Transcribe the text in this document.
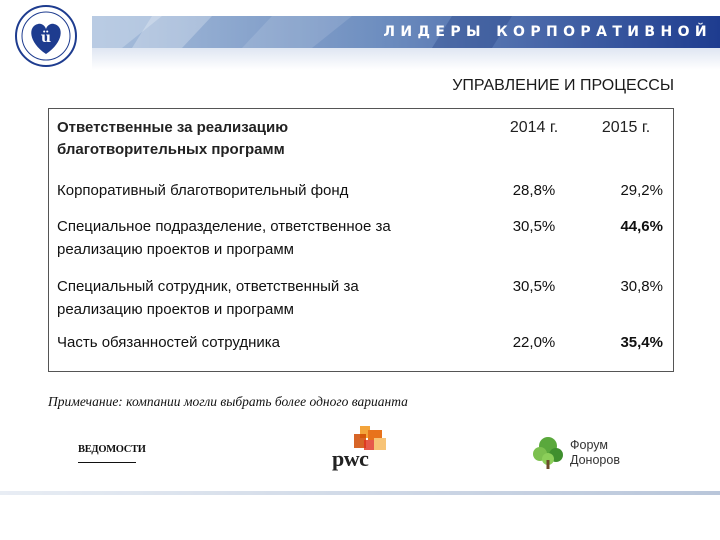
ü	ЛИДЕРЫ КОРПОРАТИВНОЙ
УПРАВЛЕНИЕ И ПРОЦЕССЫ
Ответственные за реализацию
благотворительных программ
2014 г.	2015 г.
Корпоративный благотворительный фонд	28,8%	29,2%
Специальное подразделение, ответственное за
реализацию проектов и программ
30,5%	44,6%
Специальный сотрудник, ответственный за
реализацию проектов и программ
30,5%	30,8%
Часть обязанностей сотрудника	22,0%	35,4%
Примечание: компании могли выбрать более одного варианта
ВЕДОМОСТИ	pwc
Форум
Доноров
